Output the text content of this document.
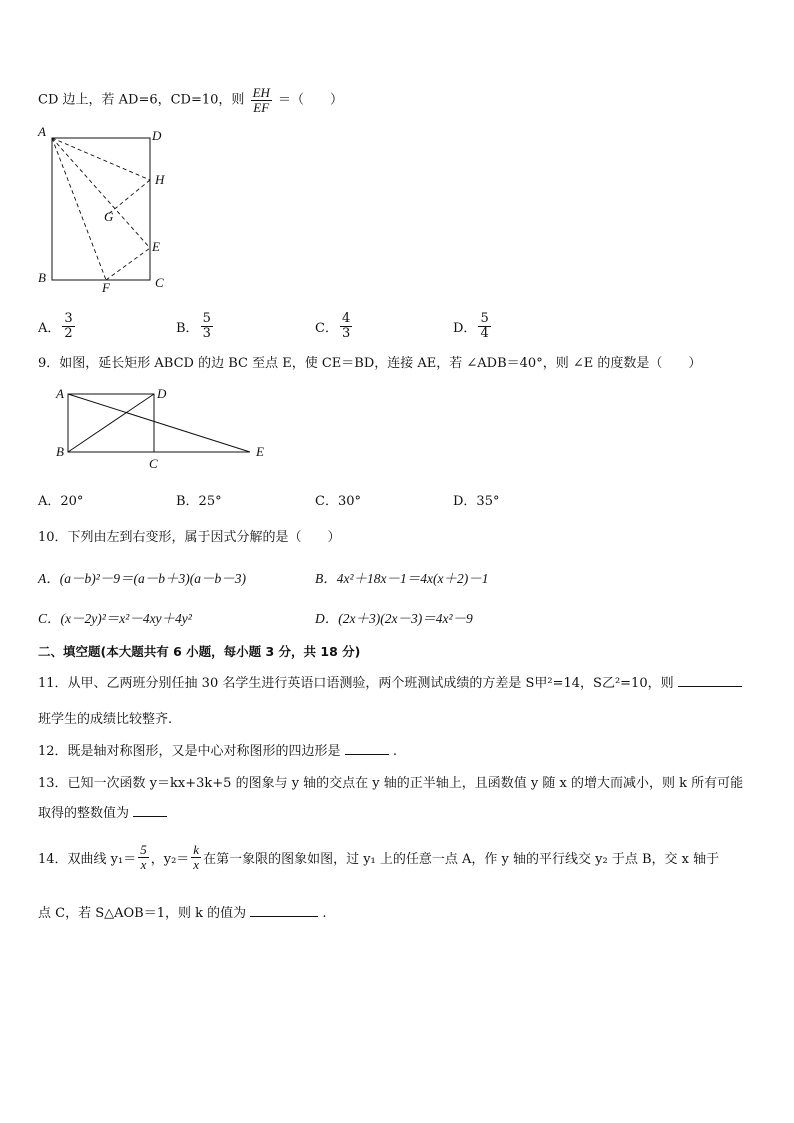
CD 边上，若 AD=6，CD=10，则 $\frac{EH}{EF}$ ＝（　　）
A	D
H
G
E
B
F	C
A． $\frac{3}{2}$	B． $\frac{5}{3}$	C． $\frac{4}{3}$	D． $\frac{5}{4}$
9．如图，延长矩形 ABCD 的边 BC 至点 E，使 CE＝BD，连接 AE，若 ∠ADB＝40°，则 ∠E 的度数是（　　）
A	D
B
C
E
A．20°	B．25°	C．30°	D．35°
10．下列由左到右变形，属于因式分解的是（　　）
A．(a－b)²－9＝(a－b＋3)(a－b－3)	B．4x²＋18x－1＝4x(x＋2)－1
C．(x－2y)²＝x²－4xy＋4y²	D．(2x＋3)(2x－3)＝4x²－9
二、填空题(本大题共有 6 小题，每小题 3 分，共 18 分)
11．从甲、乙两班分别任抽 30 名学生进行英语口语测验，两个班测试成绩的方差是 S甲²=14，S乙²=10，则
班学生的成绩比较整齐.
12．既是轴对称图形，又是中心对称图形的四边形是	.
13．已知一次函数 y＝kx+3k+5 的图象与 y 轴的交点在 y 轴的正半轴上，且函数值 y 随 x 的增大而减小，则 k 所有可能
取得的整数值为
14．双曲线 $y_1= \frac{5}{x}$ ，$y_2= \frac{k}{x}$ 在第一象限的图象如图，过 y₁ 上的任意一点 A，作 y 轴的平行线交 y₂ 于点 B，交 x 轴于
点 C，若 S△AOB＝1，则 k 的值为	.
